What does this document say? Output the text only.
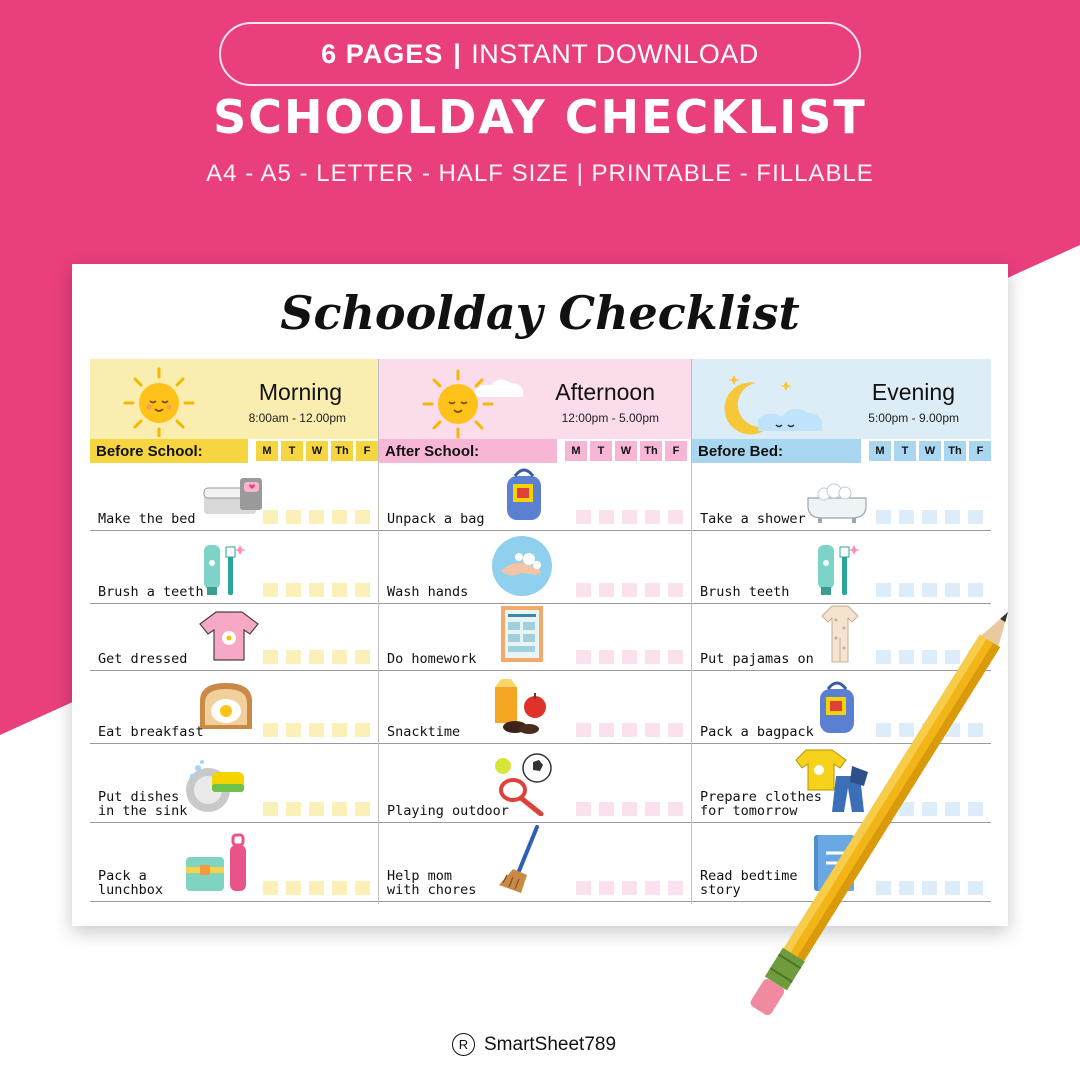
6 PAGES | INSTANT DOWNLOAD
SCHOOLDAY CHECKLIST
A4 - A5 - LETTER - HALF SIZE | PRINTABLE - FILLABLE
Schoolday Checklist
Morning
8:00am - 12.00pm
Before School:	M	T	W	Th	F
Make the bed
Brush a teeth
Get dressed
Eat breakfast
Put dishes
in the sink
Pack a
lunchbox
Afternoon
12:00pm - 5.00pm
After School:	M	T	W	Th	F
Unpack a bag
Wash hands
Do homework
Snacktime
Playing outdoor
Help mom
with chores
Evening
5:00pm - 9.00pm
Before Bed:	M	T	W	Th	F
Take a shower
Brush teeth
Put pajamas on
Pack a bagpack
Prepare clothes
for tomorrow
Read bedtime
story
R SmartSheet789
